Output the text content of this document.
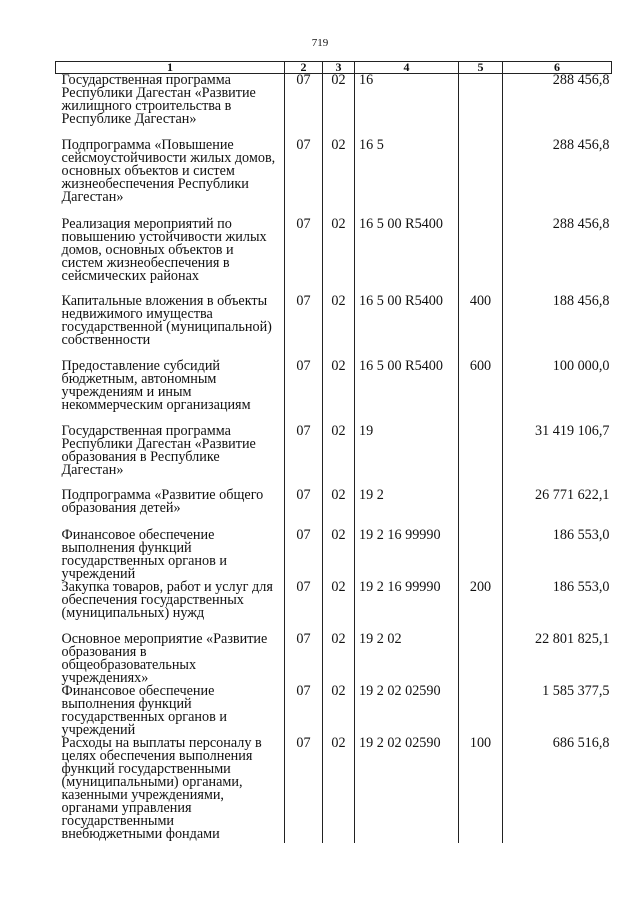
719
1	2	3	4	5	6
Государственная программа Республики Дагестан «Развитие жилищного строительства в Республике Дагестан»	07	02	16		288 456,8
Подпрограмма «Повышение сейсмоустойчивости жилых домов, основных объектов и систем жизнеобеспечения Республики Дагестан»	07	02	16 5		288 456,8
Реализация мероприятий по повышению устойчивости жилых домов, основных объектов и систем жизнеобеспечения в сейсмических районах	07	02	16 5 00 R5400		288 456,8
Капитальные вложения в объекты недвижимого имущества государственной (муниципальной) собственности	07	02	16 5 00 R5400	400	188 456,8
Предоставление субсидий бюджетным, автономным учреждениям и иным некоммерческим организациям	07	02	16 5 00 R5400	600	100 000,0
Государственная программа Республики Дагестан «Развитие образования в Республике Дагестан»	07	02	19		31 419 106,7
Подпрограмма «Развитие общего образования детей»	07	02	19 2		26 771 622,1
Финансовое обеспечение выполнения функций государственных органов и учреждений	07	02	19 2 16 99990		186 553,0
Закупка товаров, работ и услуг для обеспечения государственных (муниципальных) нужд	07	02	19 2 16 99990	200	186 553,0
Основное мероприятие «Развитие образования в общеобразовательных учреждениях»	07	02	19 2 02		22 801 825,1
Финансовое обеспечение выполнения функций государственных органов и учреждений	07	02	19 2 02 02590		1 585 377,5
Расходы на выплаты персоналу в целях обеспечения выполнения функций государственными (муниципальными) органами, казенными учреждениями, органами управления государственными внебюджетными фондами	07	02	19 2 02 02590	100	686 516,8
